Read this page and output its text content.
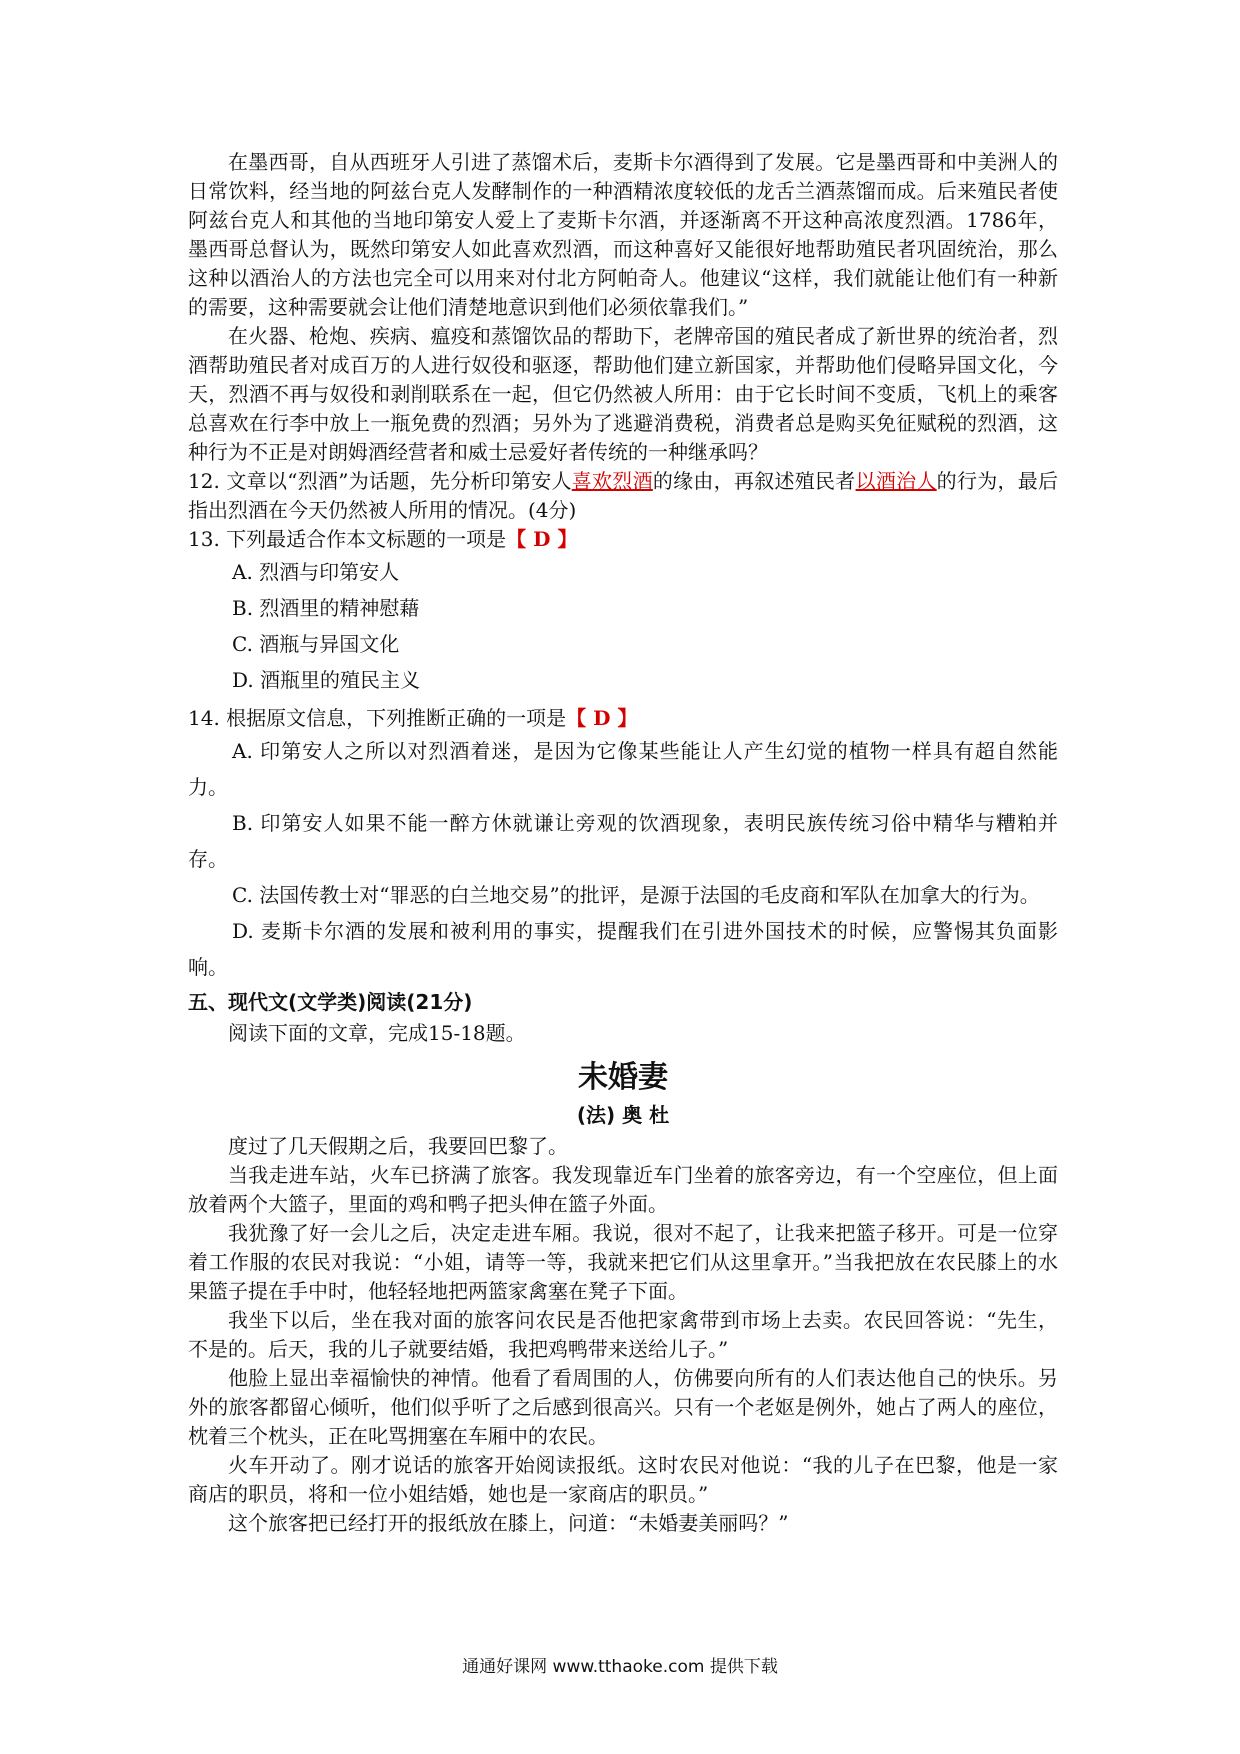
在墨西哥，自从西班牙人引进了蒸馏术后，麦斯卡尔酒得到了发展。它是墨西哥和中美洲人的日常饮料，经当地的阿兹台克人发酵制作的一种酒精浓度较低的龙舌兰酒蒸馏而成。后来殖民者使阿兹台克人和其他的当地印第安人爱上了麦斯卡尔酒，并逐渐离不开这种高浓度烈酒。1786年，墨西哥总督认为，既然印第安人如此喜欢烈酒，而这种喜好又能很好地帮助殖民者巩固统治，那么这种以酒治人的方法也完全可以用来对付北方阿帕奇人。他建议“这样，我们就能让他们有一种新的需要，这种需要就会让他们清楚地意识到他们必须依靠我们。”

在火器、枪炮、疾病、瘟疫和蒸馏饮品的帮助下，老牌帝国的殖民者成了新世界的统治者，烈酒帮助殖民者对成百万的人进行奴役和驱逐，帮助他们建立新国家，并帮助他们侵略异国文化，今天，烈酒不再与奴役和剥削联系在一起，但它仍然被人所用：由于它长时间不变质，飞机上的乘客总喜欢在行李中放上一瓶免费的烈酒；另外为了逃避消费税，消费者总是购买免征赋税的烈酒，这种行为不正是对朗姆酒经营者和威士忌爱好者传统的一种继承吗？

12. 文章以“烈酒”为话题，先分析印第安人喜欢烈酒的缘由，再叙述殖民者以酒治人的行为，最后指出烈酒在今天仍然被人所用的情况。(4分)

13. 下列最适合作本文标题的一项是【 D 】

A. 烈酒与印第安人

B. 烈酒里的精神慰藉

C. 酒瓶与异国文化

D. 酒瓶里的殖民主义

14. 根据原文信息，下列推断正确的一项是【 D 】

A. 印第安人之所以对烈酒着迷，是因为它像某些能让人产生幻觉的植物一样具有超自然能力。

B. 印第安人如果不能一醉方休就谦让旁观的饮酒现象，表明民族传统习俗中精华与糟粕并存。

C. 法国传教士对“罪恶的白兰地交易”的批评，是源于法国的毛皮商和军队在加拿大的行为。

D. 麦斯卡尔酒的发展和被利用的事实，提醒我们在引进外国技术的时候，应警惕其负面影响。

五、现代文(文学类)阅读(21分)

阅读下面的文章，完成15-18题。

未婚妻

(法) 奥 杜

度过了几天假期之后，我要回巴黎了。

当我走进车站，火车已挤满了旅客。我发现靠近车门坐着的旅客旁边，有一个空座位，但上面放着两个大篮子，里面的鸡和鸭子把头伸在篮子外面。

我犹豫了好一会儿之后，决定走进车厢。我说，很对不起了，让我来把篮子移开。可是一位穿着工作服的农民对我说：“小姐，请等一等，我就来把它们从这里拿开。”当我把放在农民膝上的水果篮子提在手中时，他轻轻地把两篮家禽塞在凳子下面。

我坐下以后，坐在我对面的旅客问农民是否他把家禽带到市场上去卖。农民回答说：“先生，不是的。后天，我的儿子就要结婚，我把鸡鸭带来送给儿子。”

他脸上显出幸福愉快的神情。他看了看周围的人，仿佛要向所有的人们表达他自己的快乐。另外的旅客都留心倾听，他们似乎听了之后感到很高兴。只有一个老妪是例外，她占了两人的座位，枕着三个枕头，正在叱骂拥塞在车厢中的农民。

火车开动了。刚才说话的旅客开始阅读报纸。这时农民对他说：“我的儿子在巴黎，他是一家商店的职员，将和一位小姐结婚，她也是一家商店的职员。”

这个旅客把已经打开的报纸放在膝上，问道：“未婚妻美丽吗？”

通通好课网 www.tthaoke.com 提供下载
